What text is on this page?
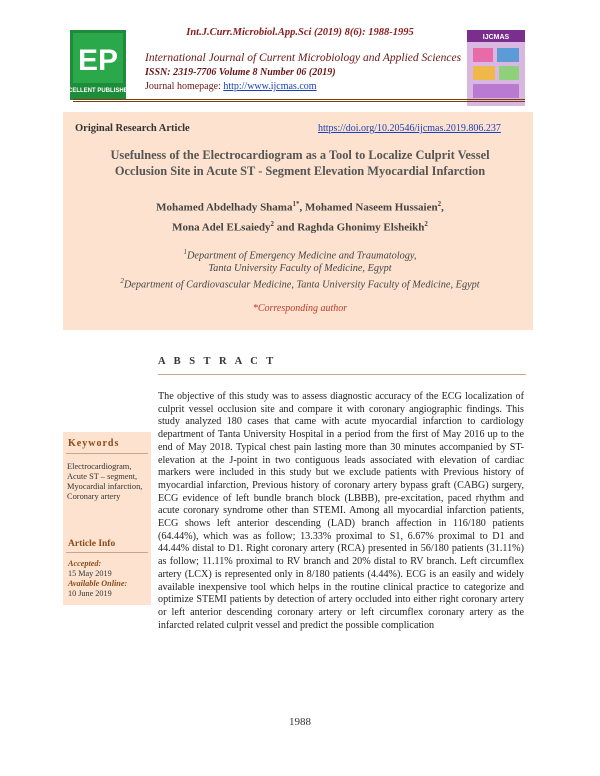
Int.J.Curr.Microbiol.App.Sci (2019) 8(6): 1988-1995
EP
EXCELLENT PUBLISHERS
International Journal of Current Microbiology and Applied Sciences
ISSN: 2319-7706 Volume 8 Number 06 (2019)
Journal homepage: http://www.ijcmas.com
IJCMAS
Original Research Article	https://doi.org/10.20546/ijcmas.2019.806.237
Usefulness of the Electrocardiogram as a Tool to Localize Culprit Vessel
Occlusion Site in Acute ST - Segment Elevation Myocardial Infarction
Mohamed Abdelhady Shama$^{1*}$, Mohamed Naseem Hussaien$^2$,
Mona Adel ELsaiedy$^2$ and Raghda Ghonimy Elsheikh$^2$
$^1$Department of Emergency Medicine and Traumatology,
Tanta University Faculty of Medicine, Egypt
$^2$Department of Cardiovascular Medicine, Tanta University Faculty of Medicine, Egypt
*Corresponding author
A B S T R A C T
Keywords
Electrocardiogram, Acute ST – segment, Myocardial infarction, Coronary artery
Article Info
Accepted:
15 May 2019
Available Online:
10 June 2019
The objective of this study was to assess diagnostic accuracy of the ECG localization of culprit vessel occlusion site and compare it with coronary angiographic findings. This study analyzed 180 cases that came with acute myocardial infarction to cardiology department of Tanta University Hospital in a period from the first of May 2016 up to the end of May 2018. Typical chest pain lasting more than 30 minutes accompanied by ST-elevation at the J-point in two contiguous leads associated with elevation of cardiac markers were included in this study but we exclude patients with Previous history of myocardial infarction, Previous history of coronary artery bypass graft (CABG) surgery, ECG evidence of left bundle branch block (LBBB), pre-excitation, paced rhythm and acute coronary syndrome other than STEMI. Among all myocardial infarction patients, ECG shows left anterior descending (LAD) branch affection in 116/180 patients (64.44%), which was as follow; 13.33% proximal to S1, 6.67% proximal to D1 and 44.44% distal to D1. Right coronary artery (RCA) presented in 56/180 patients (31.11%) as follow; 11.11% proximal to RV branch and 20% distal to RV branch. Left circumflex artery (LCX) is represented only in 8/180 patients (4.44%). ECG is an easily and widely available inexpensive tool which helps in the routine clinical practice to categorize and optimize STEMI patients by detection of artery occluded into either right coronary artery or left anterior descending coronary artery or left circumflex coronary artery as the infarcted related culprit vessel and predict the possible complication
1988
